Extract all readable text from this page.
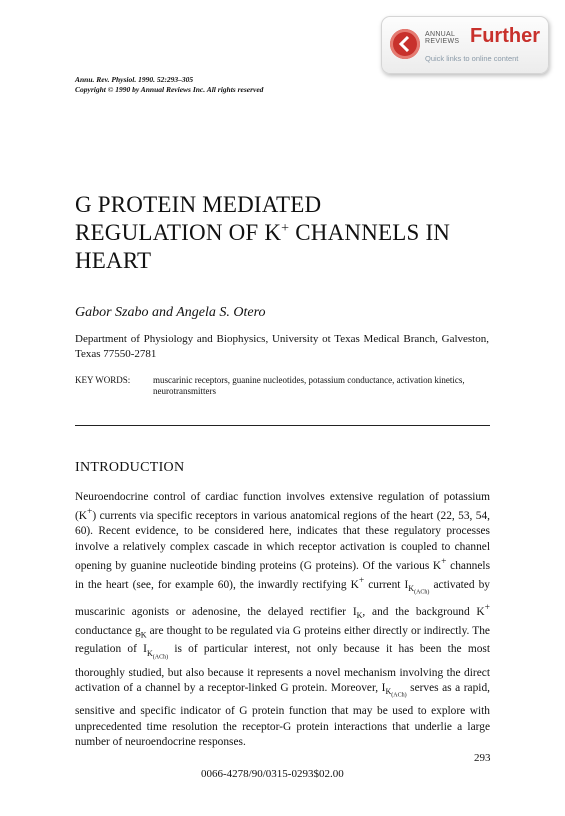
ANNUAL
REVIEWS Further
Quick links to online content
Annu. Rev. Physiol. 1990. 52:293–305
Copyright © 1990 by Annual Reviews Inc. All rights reserved
G PROTEIN MEDIATED
REGULATION OF K+ CHANNELS IN
HEART
Gabor Szabo and Angela S. Otero
Department of Physiology and Biophysics, University ot Texas Medical Branch, Galveston, Texas 77550-2781
KEY WORDS:	muscarinic receptors, guanine nucleotides, potassium conductance, activation kinetics, neurotransmitters
INTRODUCTION
Neuroendocrine control of cardiac function involves extensive regulation of potassium (K+) currents via specific receptors in various anatomical regions of the heart (22, 53, 54, 60). Recent evidence, to be considered here, indicates that these regulatory processes involve a relatively complex cascade in which receptor activation is coupled to channel opening by guanine nucleotide binding proteins (G proteins). Of the various K+ channels in the heart (see, for example 60), the inwardly rectifying K+ current $I_{K_{(ACh)}}$ activated by muscarinic agonists or adenosine, the delayed rectifier $I_K$, and the background K+ conductance $g_K$ are thought to be regulated via G proteins either directly or indirectly. The regulation of $I_{K_{(ACh)}}$ is of particular interest, not only because it has been the most thoroughly studied, but also because it represents a novel mechanism involving the direct activation of a channel by a receptor-linked G protein. Moreover, $I_{K_{(ACh)}}$ serves as a rapid, sensitive and specific indicator of G protein function that may be used to explore with unprecedented time resolution the receptor-G protein interactions that underlie a large number of neuroendocrine responses.
293
0066-4278/90/0315-0293$02.00
